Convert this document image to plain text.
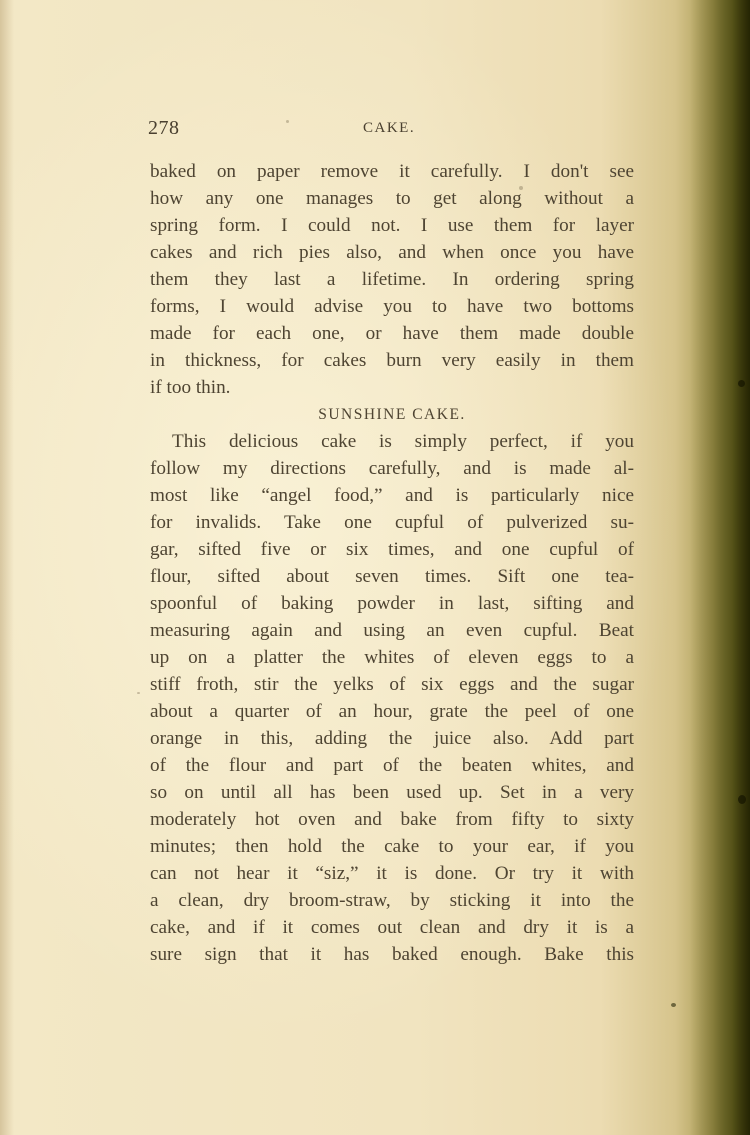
278	CAKE.
baked on paper remove it carefully. I don't see
how any one manages to get along without a
spring form. I could not. I use them for layer
cakes and rich pies also, and when once you have
them they last a lifetime. In ordering spring
forms, I would advise you to have two bottoms
made for each one, or have them made double
in thickness, for cakes burn very easily in them
if too thin.
SUNSHINE CAKE.
This delicious cake is simply perfect, if you
follow my directions carefully, and is made al-
most like “angel food,” and is particularly nice
for invalids. Take one cupful of pulverized su-
gar, sifted five or six times, and one cupful of
flour, sifted about seven times. Sift one tea-
spoonful of baking powder in last, sifting and
measuring again and using an even cupful. Beat
up on a platter the whites of eleven eggs to a
stiff froth, stir the yelks of six eggs and the sugar
about a quarter of an hour, grate the peel of one
orange in this, adding the juice also. Add part
of the flour and part of the beaten whites, and
so on until all has been used up. Set in a very
moderately hot oven and bake from fifty to sixty
minutes; then hold the cake to your ear, if you
can not hear it “siz,” it is done. Or try it with
a clean, dry broom-straw, by sticking it into the
cake, and if it comes out clean and dry it is a
sure sign that it has baked enough. Bake this
